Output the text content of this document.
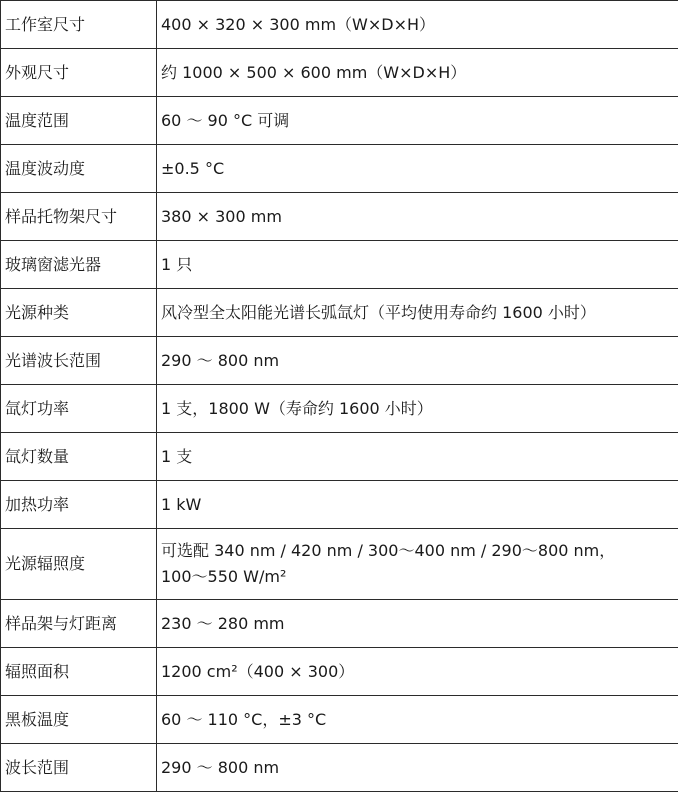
工作室尺寸	400 × 320 × 300 mm（W×D×H）
外观尺寸	约 1000 × 500 × 600 mm（W×D×H）
温度范围	60 ～ 90 °C 可调
温度波动度	±0.5 °C
样品托物架尺寸	380 × 300 mm
玻璃窗滤光器	1 只
光源种类	风冷型全太阳能光谱长弧氙灯（平均使用寿命约 1600 小时）
光谱波长范围	290 ～ 800 nm
氙灯功率	1 支，1800 W（寿命约 1600 小时）
氙灯数量	1 支
加热功率	1 kW
光源辐照度	可选配 340 nm / 420 nm / 300～400 nm / 290～800 nm，
100～550 W/m²

样品架与灯距离	230 ～ 280 mm
辐照面积	1200 cm²（400 × 300）
黑板温度	60 ～ 110 °C，±3 °C
波长范围	290 ～ 800 nm
